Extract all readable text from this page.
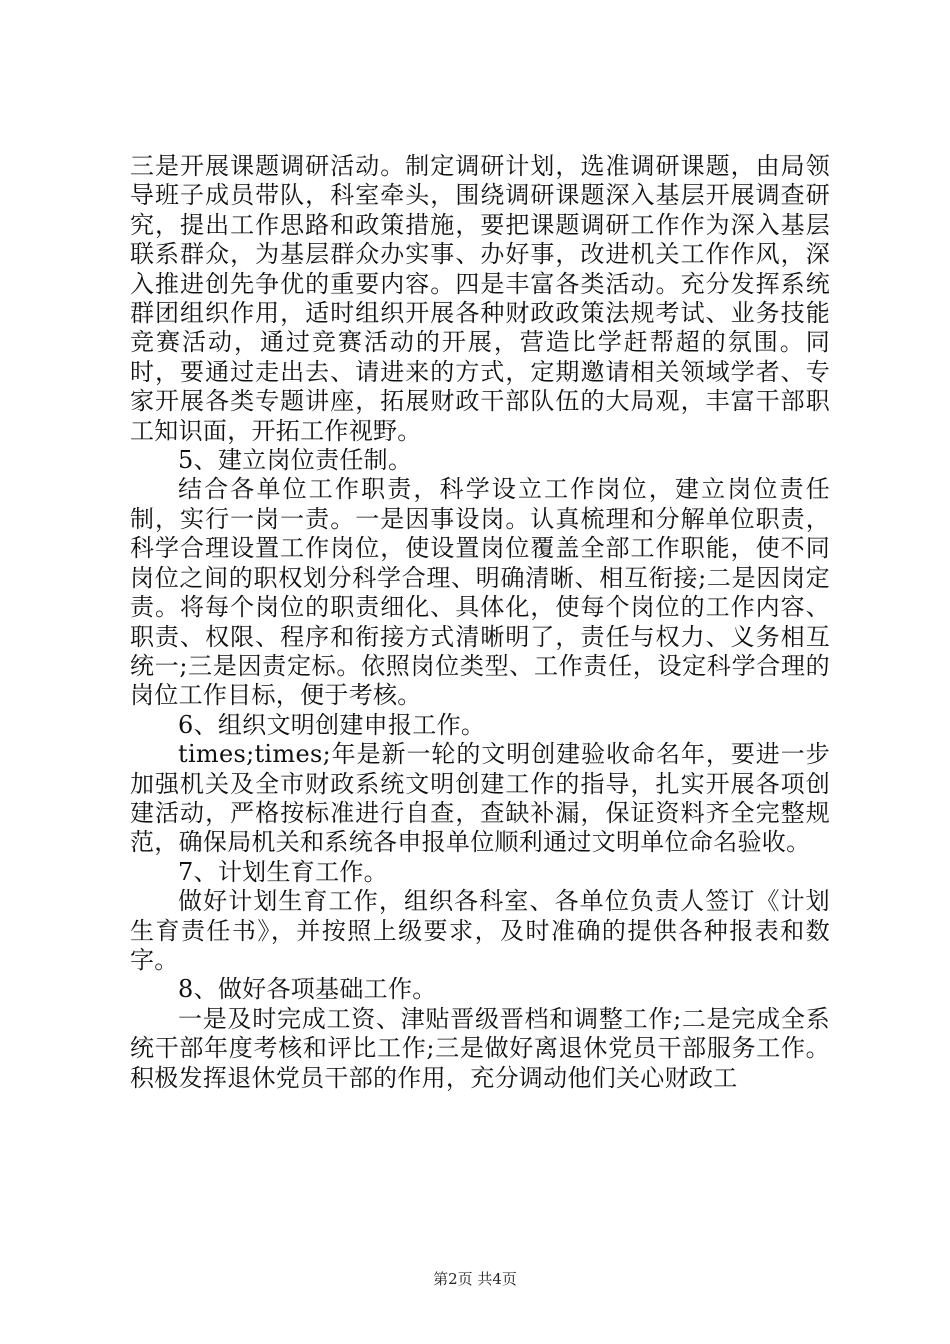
三是开展课题调研活动。制定调研计划，选准调研课题，由局领导班子成员带队，科室牵头，围绕调研课题深入基层开展调查研究，提出工作思路和政策措施，要把课题调研工作作为深入基层联系群众，为基层群众办实事、办好事，改进机关工作作风，深入推进创先争优的重要内容。四是丰富各类活动。充分发挥系统群团组织作用，适时组织开展各种财政政策法规考试、业务技能竞赛活动，通过竞赛活动的开展，营造比学赶帮超的氛围。同时，要通过走出去、请进来的方式，定期邀请相关领域学者、专家开展各类专题讲座，拓展财政干部队伍的大局观，丰富干部职工知识面，开拓工作视野。

5、建立岗位责任制。

结合各单位工作职责，科学设立工作岗位，建立岗位责任制，实行一岗一责。一是因事设岗。认真梳理和分解单位职责，科学合理设置工作岗位，使设置岗位覆盖全部工作职能，使不同岗位之间的职权划分科学合理、明确清晰、相互衔接;二是因岗定责。将每个岗位的职责细化、具体化，使每个岗位的工作内容、职责、权限、程序和衔接方式清晰明了，责任与权力、义务相互统一;三是因责定标。依照岗位类型、工作责任，设定科学合理的岗位工作目标，便于考核。

6、组织文明创建申报工作。

times;times;年是新一轮的文明创建验收命名年，要进一步加强机关及全市财政系统文明创建工作的指导，扎实开展各项创建活动，严格按标准进行自查，查缺补漏，保证资料齐全完整规范，确保局机关和系统各申报单位顺利通过文明单位命名验收。

7、计划生育工作。

做好计划生育工作，组织各科室、各单位负责人签订《计划生育责任书》，并按照上级要求，及时准确的提供各种报表和数字。

8、做好各项基础工作。

一是及时完成工资、津贴晋级晋档和调整工作;二是完成全系统干部年度考核和评比工作;三是做好离退休党员干部服务工作。积极发挥退休党员干部的作用，充分调动他们关心财政工

第2页 共4页
